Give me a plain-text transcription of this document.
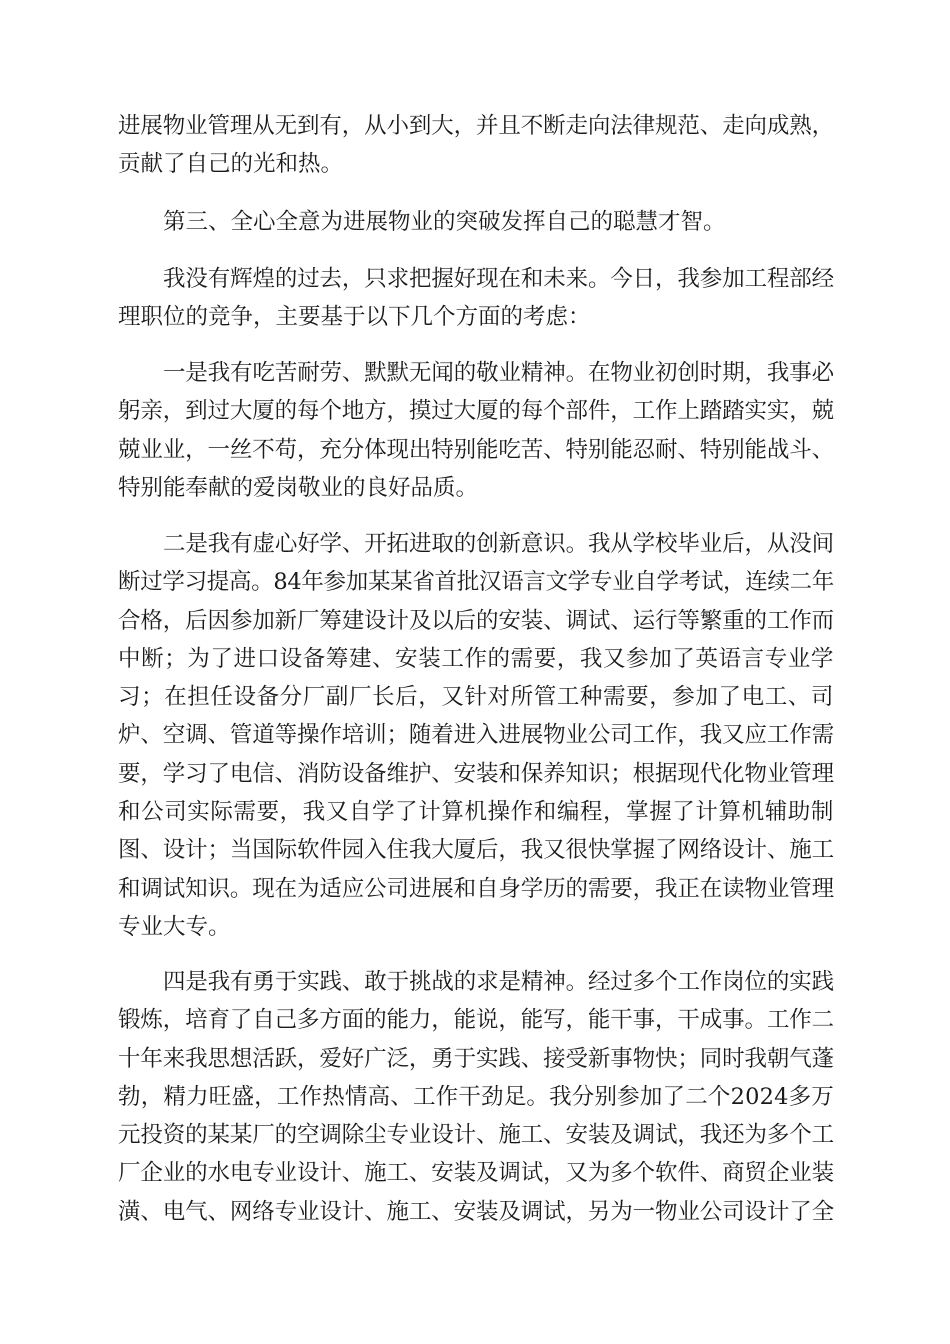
进展物业管理从无到有，从小到大，并且不断走向法律规范、走向成熟，
贡献了自己的光和热。

第三、全心全意为进展物业的突破发挥自己的聪慧才智。

我没有辉煌的过去，只求把握好现在和未来。今日，我参加工程部经
理职位的竞争，主要基于以下几个方面的考虑：

一是我有吃苦耐劳、默默无闻的敬业精神。在物业初创时期，我事必
躬亲，到过大厦的每个地方，摸过大厦的每个部件，工作上踏踏实实，兢
兢业业，一丝不苟，充分体现出特别能吃苦、特别能忍耐、特别能战斗、
特别能奉献的爱岗敬业的良好品质。

二是我有虚心好学、开拓进取的创新意识。我从学校毕业后，从没间
断过学习提高。84年参加某某省首批汉语言文学专业自学考试，连续二年
合格，后因参加新厂筹建设计及以后的安装、调试、运行等繁重的工作而
中断；为了进口设备筹建、安装工作的需要，我又参加了英语言专业学
习；在担任设备分厂副厂长后，又针对所管工种需要，参加了电工、司
炉、空调、管道等操作培训；随着进入进展物业公司工作，我又应工作需
要，学习了电信、消防设备维护、安装和保养知识；根据现代化物业管理
和公司实际需要，我又自学了计算机操作和编程，掌握了计算机辅助制
图、设计；当国际软件园入住我大厦后，我又很快掌握了网络设计、施工
和调试知识。现在为适应公司进展和自身学历的需要，我正在读物业管理
专业大专。

四是我有勇于实践、敢于挑战的求是精神。经过多个工作岗位的实践
锻炼，培育了自己多方面的能力，能说，能写，能干事，干成事。工作二
十年来我思想活跃，爱好广泛，勇于实践、接受新事物快；同时我朝气蓬
勃，精力旺盛，工作热情高、工作干劲足。我分别参加了二个2024多万
元投资的某某厂的空调除尘专业设计、施工、安装及调试，我还为多个工
厂企业的水电专业设计、施工、安装及调试，又为多个软件、商贸企业装
潢、电气、网络专业设计、施工、安装及调试，另为一物业公司设计了全
